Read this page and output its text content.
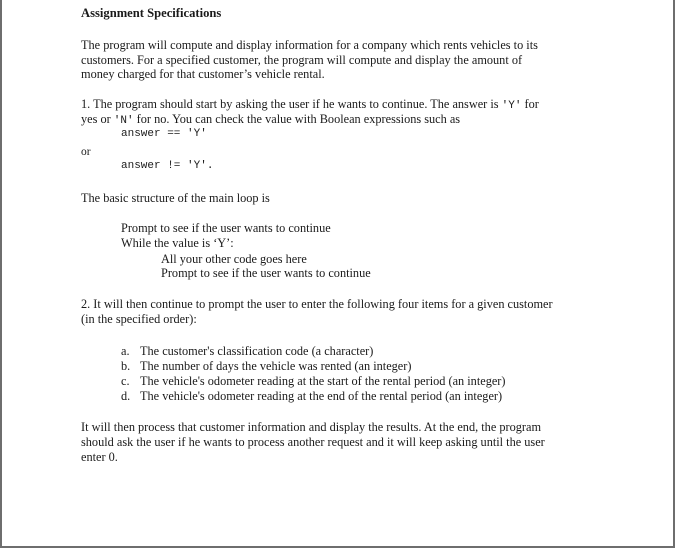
Assignment Specifications
The program will compute and display information for a company which rents vehicles to its
customers. For a specified customer, the program will compute and display the amount of
money charged for that customer’s vehicle rental.
1. The program should start by asking the user if he wants to continue. The answer is 'Y' for
yes or 'N' for no. You can check the value with Boolean expressions such as
answer == 'Y'
or
answer != 'Y'.
The basic structure of the main loop is
Prompt to see if the user wants to continue
While the value is ‘Y’:
All your other code goes here
Prompt to see if the user wants to continue
2. It will then continue to prompt the user to enter the following four items for a given customer
(in the specified order):
a. The customer's classification code (a character)
b. The number of days the vehicle was rented (an integer)
c. The vehicle's odometer reading at the start of the rental period (an integer)
d. The vehicle's odometer reading at the end of the rental period (an integer)
It will then process that customer information and display the results. At the end, the program
should ask the user if he wants to process another request and it will keep asking until the user
enter 0.
